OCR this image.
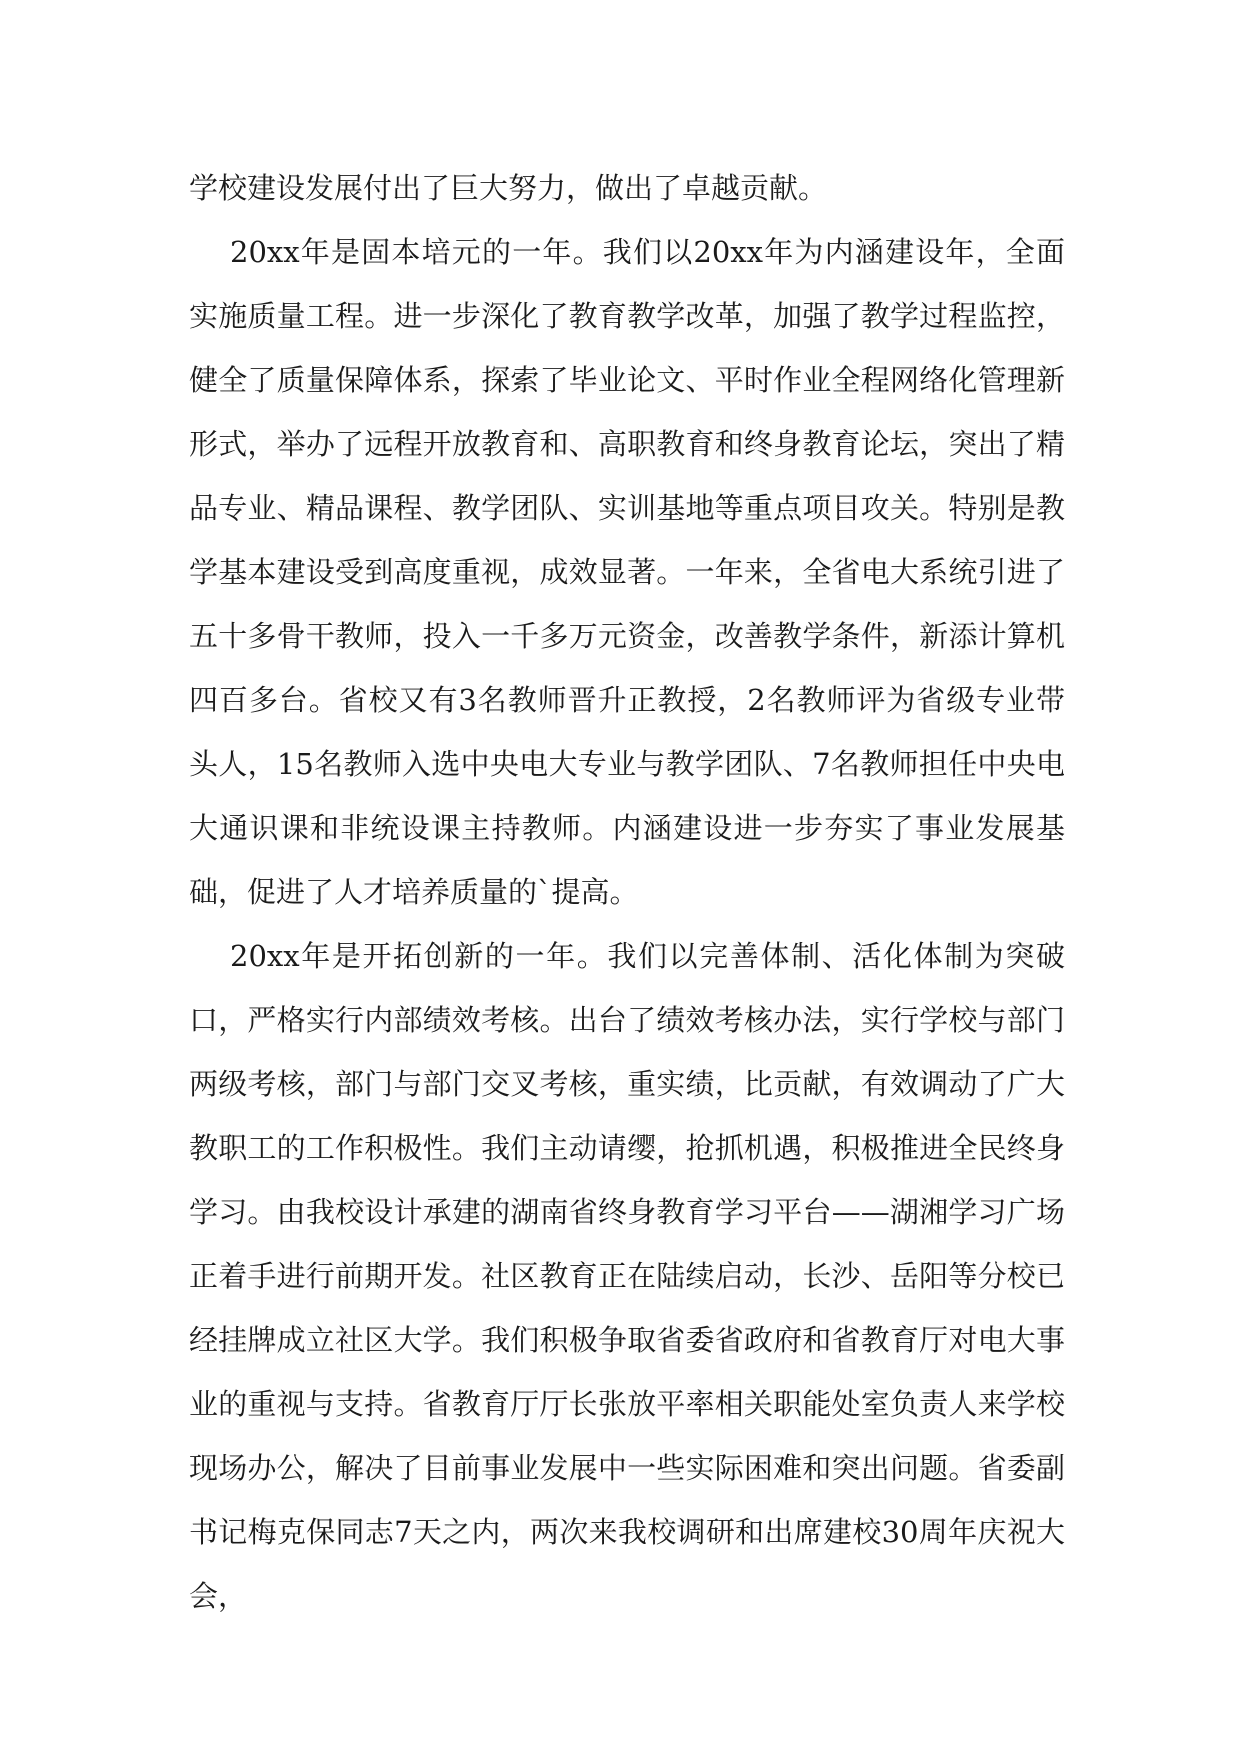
学校建设发展付出了巨大努力，做出了卓越贡献。

20xx年是固本培元的一年。我们以20xx年为内涵建设年，全面实施质量工程。进一步深化了教育教学改革，加强了教学过程监控，健全了质量保障体系，探索了毕业论文、平时作业全程网络化管理新形式，举办了远程开放教育和、高职教育和终身教育论坛，突出了精品专业、精品课程、教学团队、实训基地等重点项目攻关。特别是教学基本建设受到高度重视，成效显著。一年来，全省电大系统引进了五十多骨干教师，投入一千多万元资金，改善教学条件，新添计算机四百多台。省校又有3名教师晋升正教授，2名教师评为省级专业带头人，15名教师入选中央电大专业与教学团队、7名教师担任中央电大通识课和非统设课主持教师。内涵建设进一步夯实了事业发展基础，促进了人才培养质量的`提高。

20xx年是开拓创新的一年。我们以完善体制、活化体制为突破口，严格实行内部绩效考核。出台了绩效考核办法，实行学校与部门两级考核，部门与部门交叉考核，重实绩，比贡献，有效调动了广大教职工的工作积极性。我们主动请缨，抢抓机遇，积极推进全民终身学习。由我校设计承建的湖南省终身教育学习平台——湖湘学习广场正着手进行前期开发。社区教育正在陆续启动，长沙、岳阳等分校已经挂牌成立社区大学。我们积极争取省委省政府和省教育厅对电大事业的重视与支持。省教育厅厅长张放平率相关职能处室负责人来学校现场办公，解决了目前事业发展中一些实际困难和突出问题。省委副书记梅克保同志7天之内，两次来我校调研和出席建校30周年庆祝大会，
